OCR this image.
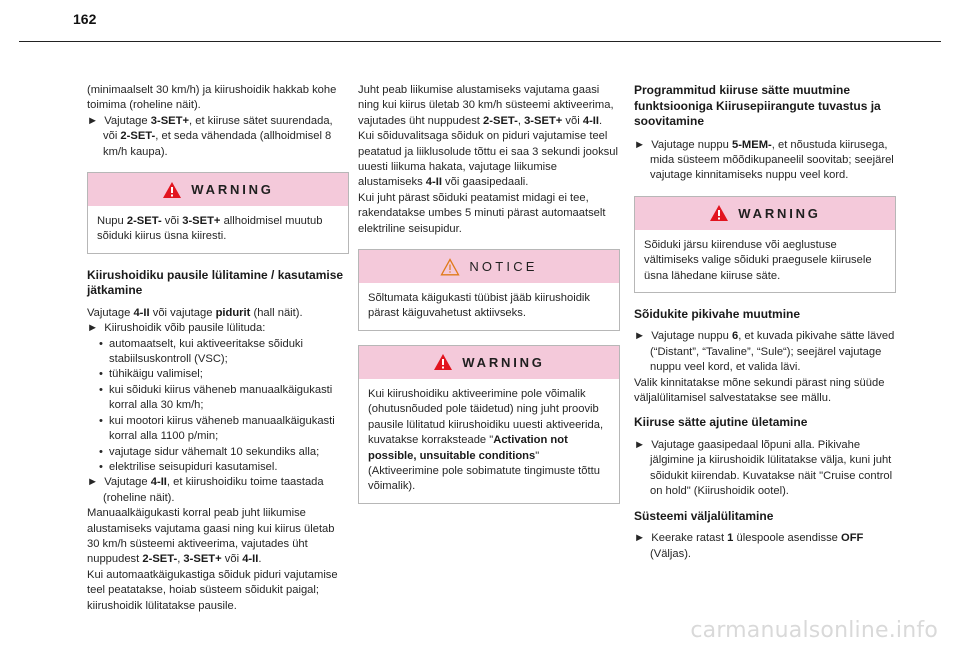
162

(minimaalselt 30 km/h) ja kiirushoidik hakkab kohe toimima (roheline näit).

► Vajutage 3-SET+, et kiiruse sätet suurendada, või 2-SET-, et seda vähendada (allhoidmisel 8 km/h kaupa).

WARNING
Nupu 2-SET- või 3-SET+ allhoidmisel muutub sõiduki kiirus üsna kiiresti.
Kiirushoidiku pausile lülitamine / kasutamise jätkamine

Vajutage 4-II või vajutage pidurit (hall näit).

► Kiirushoidik võib pausile lülituda:

• automaatselt, kui aktiveeritakse sõiduki stabiilsuskontroll (VSC);
• tühikäigu valimisel;
• kui sõiduki kiirus väheneb manuaalkäigukasti korral alla 30 km/h;
• kui mootori kiirus väheneb manuaalkäigukasti korral alla 1100 p/min;
• vajutage sidur vähemalt 10 sekundiks alla;
• elektrilise seisupiduri kasutamisel.

► Vajutage 4-II, et kiirushoidiku toime taastada (roheline näit).

Manuaalkäigukasti korral peab juht liikumise alustamiseks vajutama gaasi ning kui kiirus ületab 30 km/h süsteemi aktiveerima, vajutades üht nuppudest 2-SET-, 3-SET+ või 4-II.

Kui automaatkäigukastiga sõiduk piduri vajutamise teel peatatakse, hoiab süsteem sõidukit paigal; kiirushoidik lülitatakse pausile.

Juht peab liikumise alustamiseks vajutama gaasi ning kui kiirus ületab 30 km/h süsteemi aktiveerima, vajutades üht nuppudest 2-SET-, 3-SET+ või 4-II.

Kui sõiduvalitsaga sõiduk on piduri vajutamise teel peatatud ja liiklusolude tõttu ei saa 3 sekundi jooksul uuesti liikuma hakata, vajutage liikumise alustamiseks 4-II või gaasipedaali.

Kui juht pärast sõiduki peatamist midagi ei tee, rakendatakse umbes 5 minuti pärast automaatselt elektriline seisupidur.

NOTICE
Sõltumata käigukasti tüübist jääb kiirushoidik pärast käiguvahetust aktiivseks.
WARNING
Kui kiirushoidiku aktiveerimine pole võimalik (ohutusnõuded pole täidetud) ning juht proovib pausile lülitatud kiirushoidiku uuesti aktiveerida, kuvatakse korraksteade "Activation not possible, unsuitable conditions" (Aktiveerimine pole sobimatute tingimuste tõttu võimalik).
Programmitud kiiruse sätte muutmine funktsiooniga Kiirusepiirangute tuvastus ja soovitamine

► Vajutage nuppu 5-MEM-, et nõustuda kiirusega, mida süsteem mõõdikupaneelil soovitab; seejärel vajutage kinnitamiseks nuppu veel kord.

WARNING
Sõiduki järsu kiirenduse või aeglustuse vältimiseks valige sõiduki praegusele kiirusele üsna lähedane kiiruse säte.
Sõidukite pikivahe muutmine

► Vajutage nuppu 6, et kuvada pikivahe sätte läved (“Distant”, “Tavaline”, “Sule“); seejärel vajutage nuppu veel kord, et valida lävi.

Valik kinnitatakse mõne sekundi pärast ning süüde väljalülitamisel salvestatakse see mällu.

Kiiruse sätte ajutine ületamine

► Vajutage gaasipedaal lõpuni alla. Pikivahe jälgimine ja kiirushoidik lülitatakse välja, kuni juht sõidukit kiirendab. Kuvatakse näit "Cruise control on hold" (Kiirushoidik ootel).

Süsteemi väljalülitamine

► Keerake ratast 1 ülespoole asendisse OFF (Väljas).

carmanualsonline.info
